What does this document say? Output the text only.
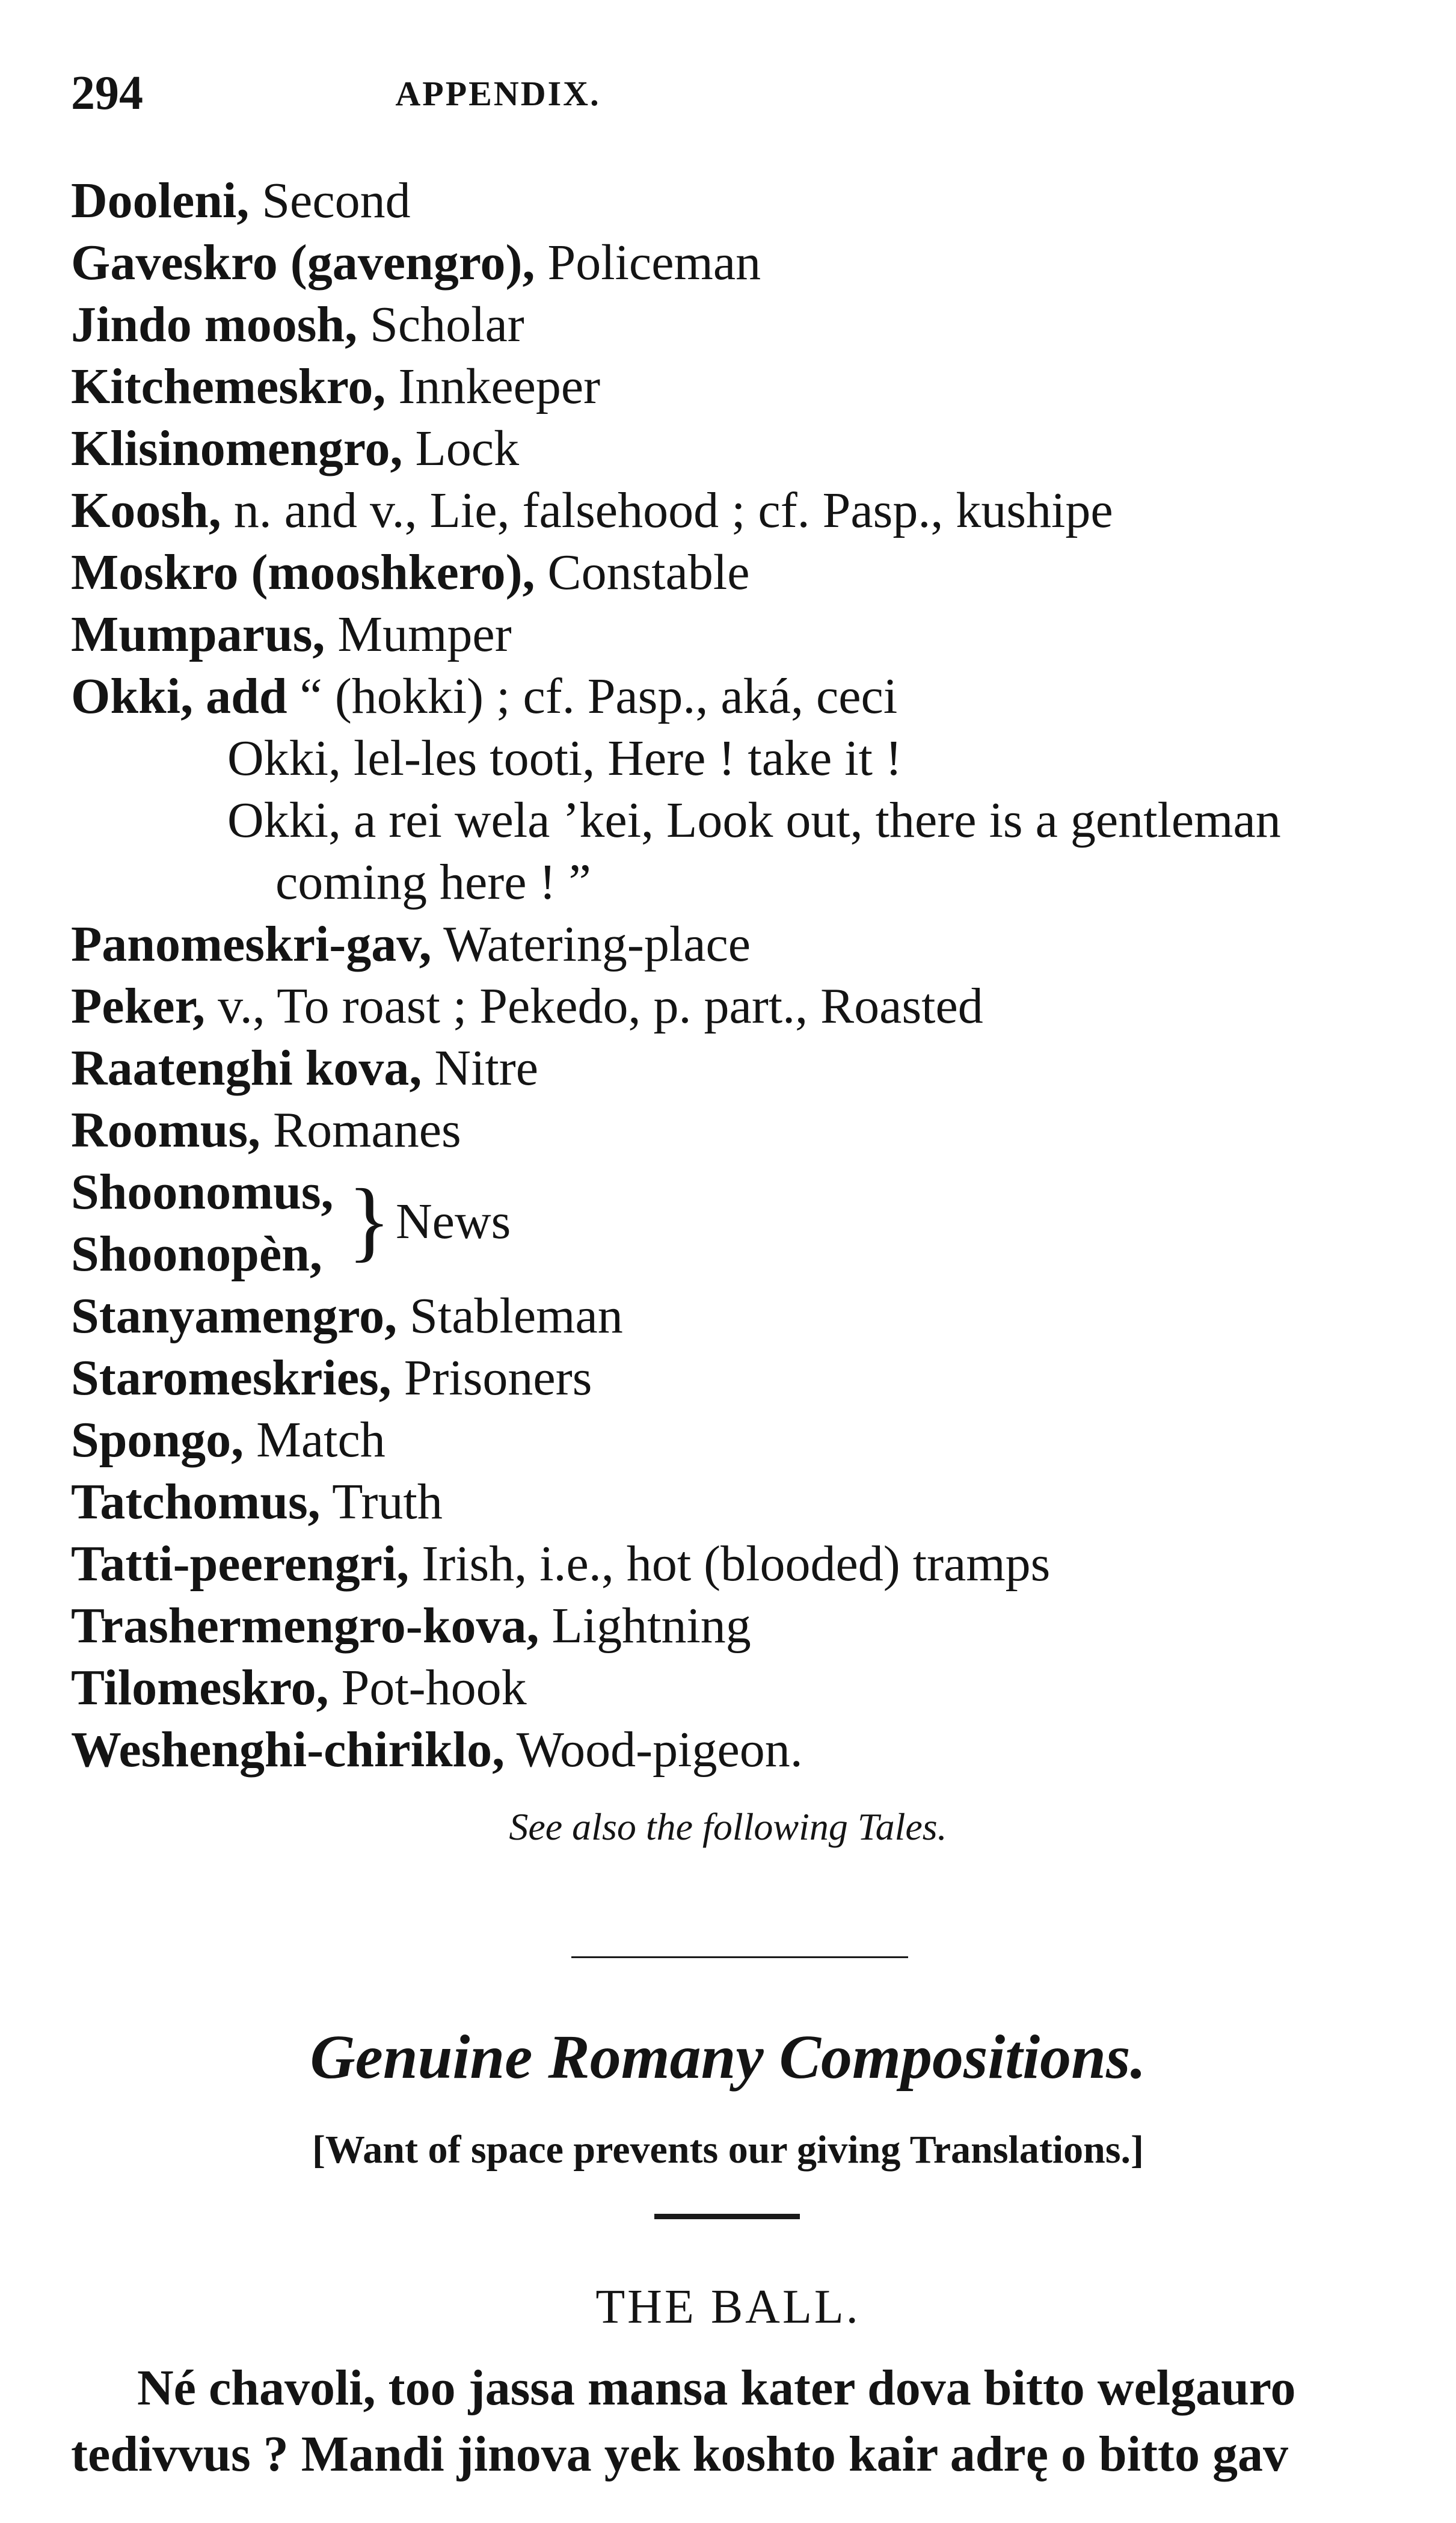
294	APPENDIX.
Dooleni, Second
Gaveskro (gavengro), Policeman
Jindo moosh, Scholar
Kitchemeskro, Innkeeper
Klisinomengro, Lock
Koosh, n. and v., Lie, falsehood ; cf. Pasp., kushipe
Moskro (mooshkero), Constable
Mumparus, Mumper
Okki, add “ (hokki) ; cf. Pasp., aká, ceci
Okki, lel-les tooti, Here ! take it !
Okki, a rei wela ’kei, Look out, there is a gentleman
coming here ! ”
Panomeskri-gav, Watering-place
Peker, v., To roast ; Pekedo, p. part., Roasted
Raatenghi kova, Nitre
Roomus, Romanes
Shoonomus,
Shoonopèn, } News
Stanyamengro, Stableman
Staromeskries, Prisoners
Spongo, Match
Tatchomus, Truth
Tatti-peerengri, Irish, i.e., hot (blooded) tramps
Trashermengro-kova, Lightning
Tilomeskro, Pot-hook
Weshenghi-chiriklo, Wood-pigeon.
See also the following Tales.
Genuine Romany Compositions.
[Want of space prevents our giving Translations.]
THE BALL.
Né chavoli, too jassa mansa kater dova bitto welgauro
tedivvus ? Mandi jinova yek koshto kair adrę o bitto gav
